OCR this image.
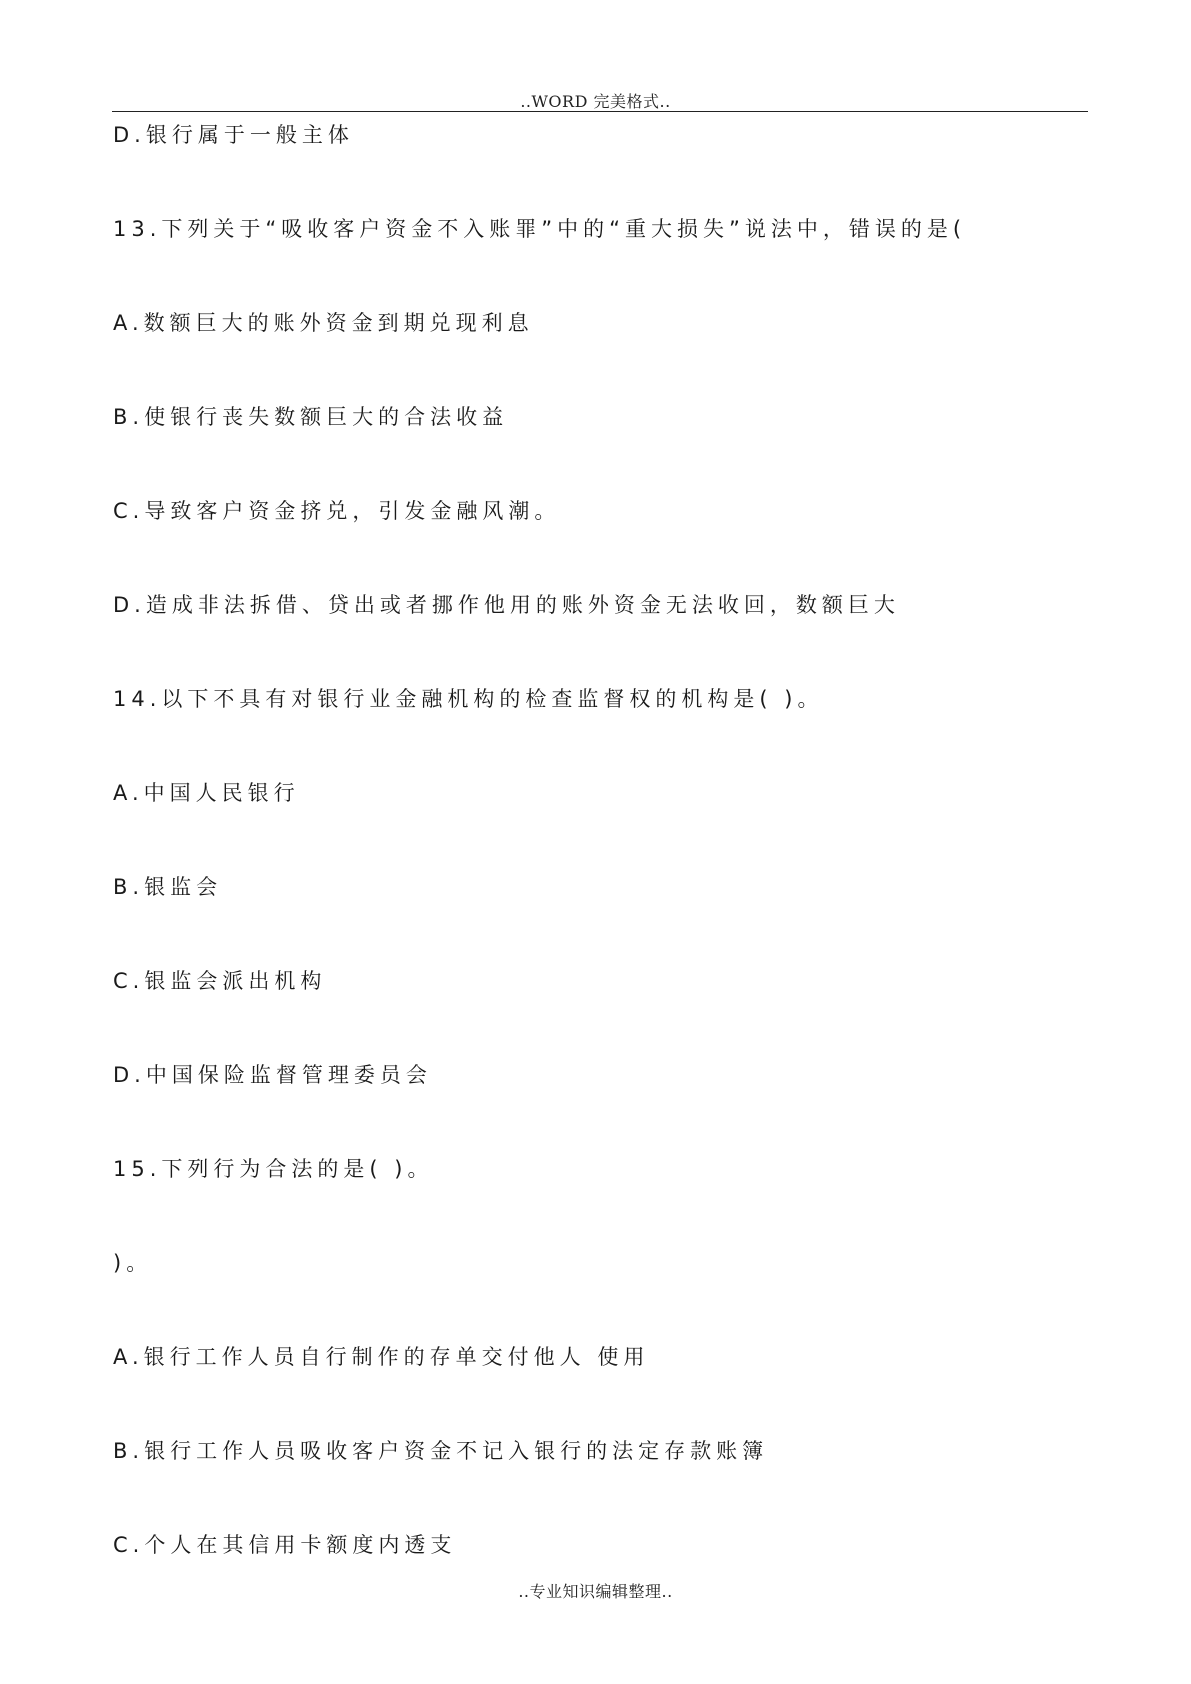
..WORD 完美格式..
D.银行属于一般主体
13.下列关于“吸收客户资金不入账罪”中的“重大损失”说法中，错误的是(
A.数额巨大的账外资金到期兑现利息
B.使银行丧失数额巨大的合法收益
C.导致客户资金挤兑，引发金融风潮。
D.造成非法拆借、贷出或者挪作他用的账外资金无法收回，数额巨大
14.以下不具有对银行业金融机构的检查监督权的机构是( )。
A.中国人民银行
B.银监会
C.银监会派出机构
D.中国保险监督管理委员会
15.下列行为合法的是( )。
)。
A.银行工作人员自行制作的存单交付他人 使用
B.银行工作人员吸收客户资金不记入银行的法定存款账簿
C.个人在其信用卡额度内透支
..专业知识编辑整理..
